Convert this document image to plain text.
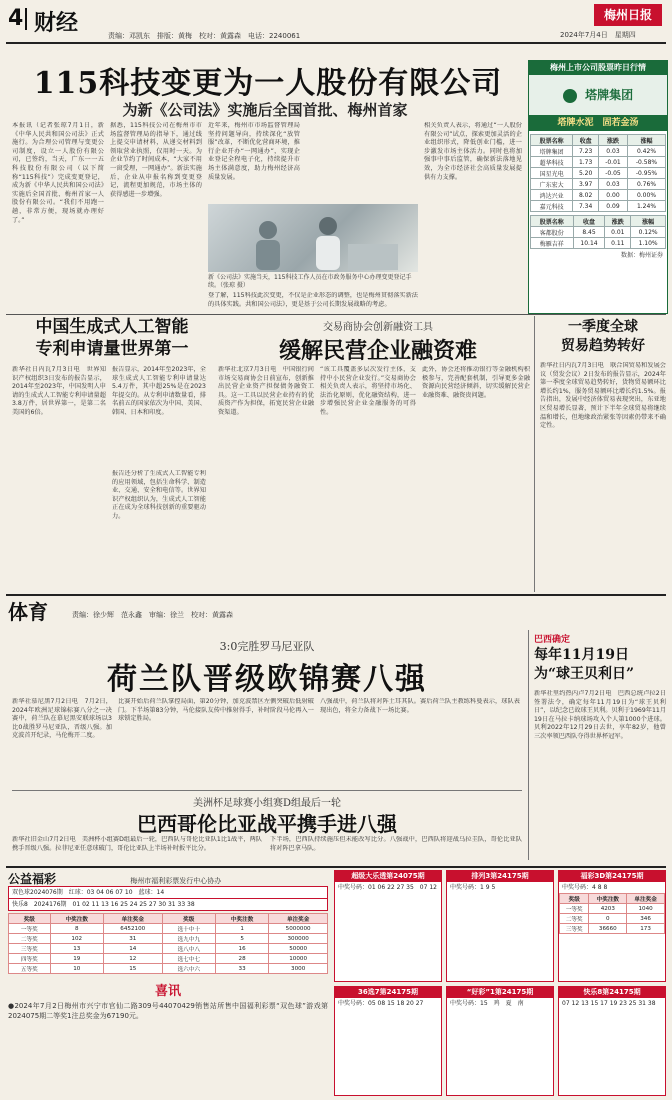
4 财经	责编：邓凯东　排版：黄梅　校对：黄露森　电话：2240061
梅州日报
2024年7月4日　星期四
115科技变更为一人股份有限公司
为新《公司法》实施后全国首批、梅州首家
本报讯（记者张琼7月1日，新《中华人民共和国公司法》正式施行。为合理公司管理与变更公司制度，设立一人股份有限公司，已签约，当天，广东一一五科技股份有限公司（以下简称“115科技”）完成变更登记，成为新《中华人民共和国公司法》实施后全国首批、梅州首家一人股份有限公司。“我们不用跑一趟，非常方便，现场就办理好了。”
据悉，115科技公司在梅州市市场监督管理局的指导下，通过线上提交申请材料，从递交材料到领取营业执照，仅用时一天。为企业节约了时间成本，“大家不用一窗受理，一网通办”。新法实施后，企业从申报名称到变更登记，流程更加规范，市场主体的获得感进一步增强。
近年来，梅州市市场监督管理局坚持问题导向，持续深化“放管服”改革，不断优化营商环境，推行企业开办“一网通办”，实现企业登记全程电子化，持续提升市场主体满意度，助力梅州经济高质量发展。
新《公司法》实施当天，115科技工作人员在市政务服务中心办理变更登记手续。（张琼 摄）
登了解，115科技此次变更，不仅是企业形态的调整，也是梅州贯彻落实新法的具体实践。共和国公司法》，更是基于公司长期发展战略的考虑。
相关负责人表示，将通过“一人股份有限公司”试点，探索更加灵活的企业组织形式，降低创业门槛，进一步激发市场主体活力。同时也将加强事中事后监管，确保新法落地见效，为全市经济社会高质量发展提供有力支撑。
梅州上市公司股票昨日行情
塔牌集团
塔牌水泥　固若金汤
股票名称	收盘	涨跌	涨幅
塔牌集团	7.23	0.03	0.42%
超华科技	1.73	-0.01	-0.58%
国星光电	5.20	-0.05	-0.95%
广东宏大	3.97	0.03	0.76%
鸿达兴业	8.02	0.00	0.00%
嘉元科技	7.34	0.09	1.24%
股票名称	收盘	涨跌	涨幅
客都股份	8.45	0.01	0.12%
梅雁吉祥	10.14	0.11	1.10%
数据：梅州证券
中国生成式人工智能
专利申请量世界第一
新华社日内瓦7月3日电　世界知识产权组织3日发布的报告显示，2014年至2023年，中国发明人申请的生成式人工智能专利申请量超3.8万件，居世界第一，是第二名美国的6倍。
报告显示，2014年至2023年，全球生成式人工智能专利申请量达5.4万件，其中超25%是在2023年提交的。从专利申请数量看，排名前五的国家依次为中国、美国、韩国、日本和印度。
交易商协会创新融资工具
缓解民营企业融资难
新华社北京7月3日电　中国银行间市场交易商协会日前宣布，创新推出民营企业资产担保债务融资工具。这一工具以民营企业持有的优质资产作为担保，拓宽民营企业融资渠道。
“该工具覆盖多层次发行主体，支持中小民营企业发行。”交易商协会相关负责人表示，将坚持市场化、法治化原则，优化融资结构，进一步增强民营企业金融服务的可得性。
此外，协会还将推动银行等金融机构积极参与，完善配套机制，引导更多金融资源向民营经济倾斜，切实缓解民营企业融资难、融资贵问题。
报告还分析了生成式人工智能专利的应用领域，包括生命科学、制造业、交通、安全和电信等。世界知识产权组织认为，生成式人工智能正在成为全球科技创新的重要驱动力。
一季度全球
贸易趋势转好
新华社日内瓦7月3日电　联合国贸易和发展会议（贸发会议）2日发布的报告显示，2024年第一季度全球贸易趋势转好，货物贸易额环比增长约1%，服务贸易额环比增长约1.5%。报告指出，发展中经济体贸易表现突出，东亚地区贸易增长显著，预计下半年全球贸易将继续温和增长，但地缘政治紧张等因素仍带来不确定性。
体育	责编：徐少辉　范永鑫　审编：徐兰　校对：黄露森
3:0完胜罗马尼亚队
荷兰队晋级欧锦赛八强
新华社慕尼黑7月2日电　7月2日，2024年欧洲足球锦标赛八分之一决赛中，荷兰队在慕尼黑安联球场以3比0战胜罗马尼亚队，晋级八强。加克波首开纪录，马伦梅开二度。
比赛开始后荷兰队掌控局面，第20分钟，加克波禁区左侧突破后低射破门。下半场第83分钟，马伦接队友传中推射得手，补时阶段马伦再入一球锁定胜局。
八强战中，荷兰队将对阵土耳其队。赛后荷兰队主教练科曼表示，球队表现出色，将全力备战下一场比赛。
巴西确定
每年11月19日
为“球王贝利日”
新华社里约热内卢7月2日电　巴西总统卢拉2日签署法令，确定每年11月19日为“球王贝利日”，以纪念已故球王贝利。贝利于1969年11月19日在马拉卡纳球场攻入个人第1000个进球。贝利2022年12月29日去世，享年82岁，他曾三次率领巴西队夺得世界杯冠军。
美洲杯足球赛小组赛D组最后一轮
巴西哥伦比亚战平携手进八强
新华社旧金山7月2日电　美洲杯小组赛D组最后一轮，巴西队与哥伦比亚队1比1战平，两队携手晋级八强。拉菲尼亚任意球破门，哥伦比亚队上半场补时扳平比分。
下半场，巴西队持续施压但未能改写比分。八强战中，巴西队将迎战乌拉圭队，哥伦比亚队将对阵巴拿马队。
公益福彩	梅州市福利彩票发行中心协办
双色球2024076期　红球：03 04 06 07 10　蓝球：14
快乐8　2024176期　01 02 11 13 16 25 24 25 27 30 31 33 38
奖级	中奖注数	单注奖金	奖级	中奖注数	单注奖金
一等奖	8	6452100	选十中十	1	5000000
二等奖	102	31	选九中九	5	300000
三等奖	13	14	选八中八	16	50000
四等奖	19	12	选七中七	28	10000
五等奖	10	15	选六中六	33	3000
喜讯
●2024年7月2日梅州市兴宁市官仙二路309号44070429销售站所售中国福利彩票“双色球”游戏第2024075期二等奖1注总奖金为67190元。
超级大乐透第24075期
中奖号码：01 06 22 27 35　07 12
排列3第24175期
中奖号码：1 9 5
福彩3D第24175期
中奖号码：4 8 8
奖级	中奖注数	单注奖金
一等奖	4203	1040
二等奖	0	346
三等奖	36660	173
36选7第24175期
中奖号码：05 08 15 18 20 27
“好彩”1第24175期
中奖号码：15　鸡　夏　南
快乐8第24175期
07 12 13 15 17 19 23 25 31 38
